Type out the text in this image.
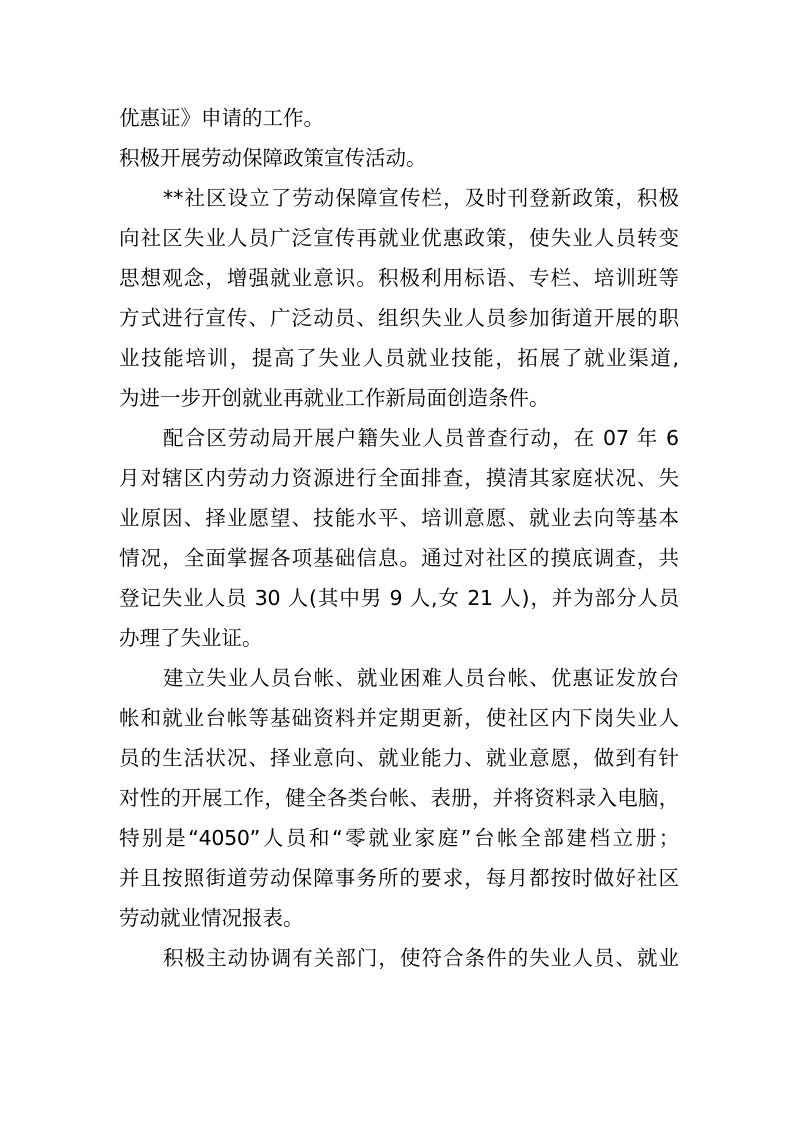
优惠证》申请的工作。
积极开展劳动保障政策宣传活动。
**社区设立了劳动保障宣传栏，及时刊登新政策，积极
向社区失业人员广泛宣传再就业优惠政策，使失业人员转变
思想观念，增强就业意识。积极利用标语、专栏、培训班等
方式进行宣传、广泛动员、组织失业人员参加街道开展的职
业技能培训，提高了失业人员就业技能，拓展了就业渠道,
为进一步开创就业再就业工作新局面创造条件。
配合区劳动局开展户籍失业人员普查行动，在 07 年 6
月对辖区内劳动力资源进行全面排查，摸清其家庭状况、失
业原因、择业愿望、技能水平、培训意愿、就业去向等基本
情况，全面掌握各项基础信息。通过对社区的摸底调查，共
登记失业人员 30 人(其中男 9 人,女 21 人)，并为部分人员
办理了失业证。
建立失业人员台帐、就业困难人员台帐、优惠证发放台
帐和就业台帐等基础资料并定期更新，使社区内下岗失业人
员的生活状况、择业意向、就业能力、就业意愿，做到有针
对性的开展工作，健全各类台帐、表册，并将资料录入电脑，
特别是“4050”人员和“零就业家庭”台帐全部建档立册；
并且按照街道劳动保障事务所的要求，每月都按时做好社区
劳动就业情况报表。
积极主动协调有关部门，使符合条件的失业人员、就业
